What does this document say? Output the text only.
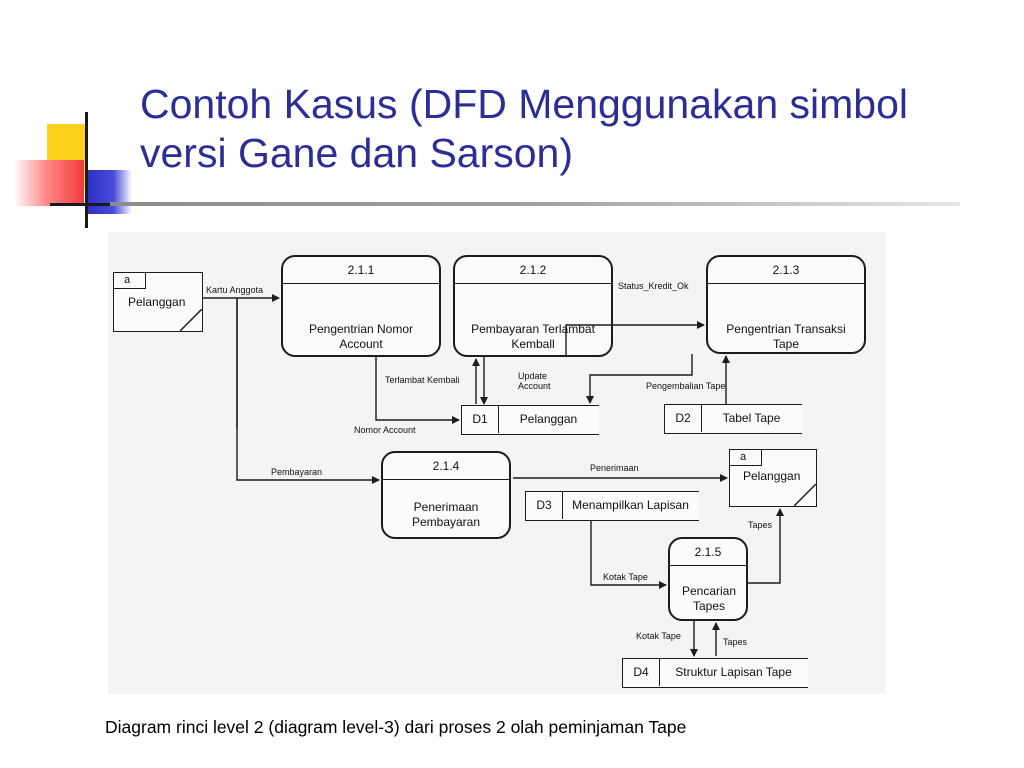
Contoh Kasus (DFD Menggunakan simbol versi Gane dan Sarson)
2.1.1
Pengentrian Nomor Account
2.1.2
Pembayaran Terlambat Kemball
2.1.3
Pengentrian Transaksi Tape
2.1.4
Penerimaan Pembayaran
2.1.5
Pencarian Tapes
a
Pelanggan
a
Pelanggan
D1	Pelanggan	D2	Tabel Tape
D3	Menampilkan Lapisan
D4	Struktur Lapisan Tape
Kartu Anggota	Status_Kredit_Ok
Terlambat Kembali	Update Account	Pengembalian Tape
Nomor Account
Pembayaran	Penerimaan
Tapes
Kotak Tape
Kotak Tape
Tapes

Diagram rinci level 2 (diagram level-3) dari proses 2 olah peminjaman Tape
